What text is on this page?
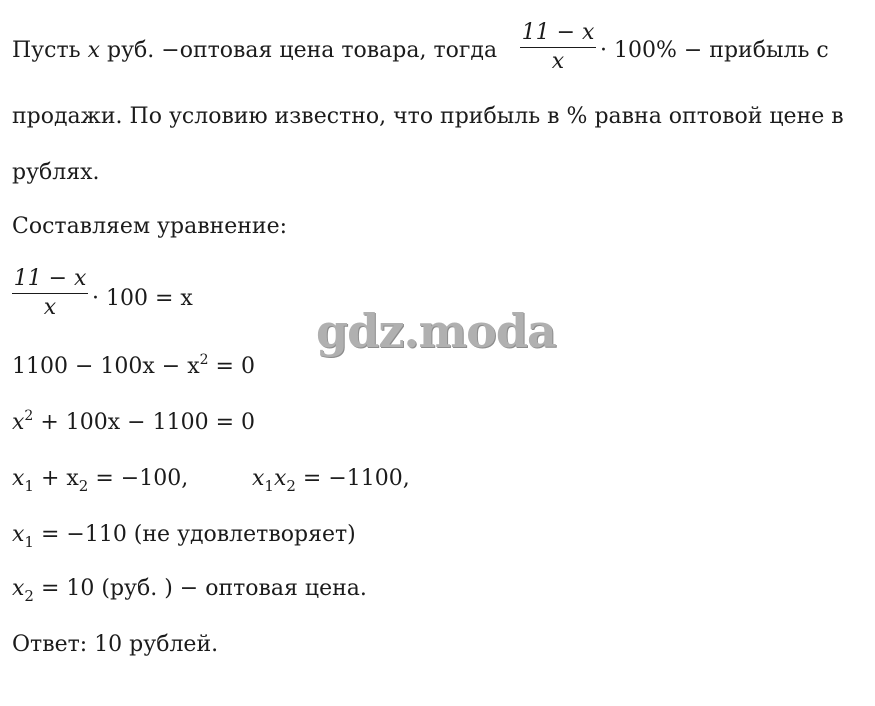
Пусть x руб. −оптовая цена товара, тогда
11 − x
x	· 100% − прибыль с
продажи. По условию известно, что прибыль в % равна оптовой цене в
рублях.
Составляем уравнение:
11 − x
x	· 100 = x
$1100 - 100x - x^2 = 0$
$x^2 + 100x - 1100 = 0$
$x_1 + x_2 = -100$,	$x_1x_2 = -1100$,
$x_1 = -110$ (не удовлетворяет)
$x_2 = 10$ (руб. ) − оптовая цена.
Ответ: 10 рублей.
gdz.moda
